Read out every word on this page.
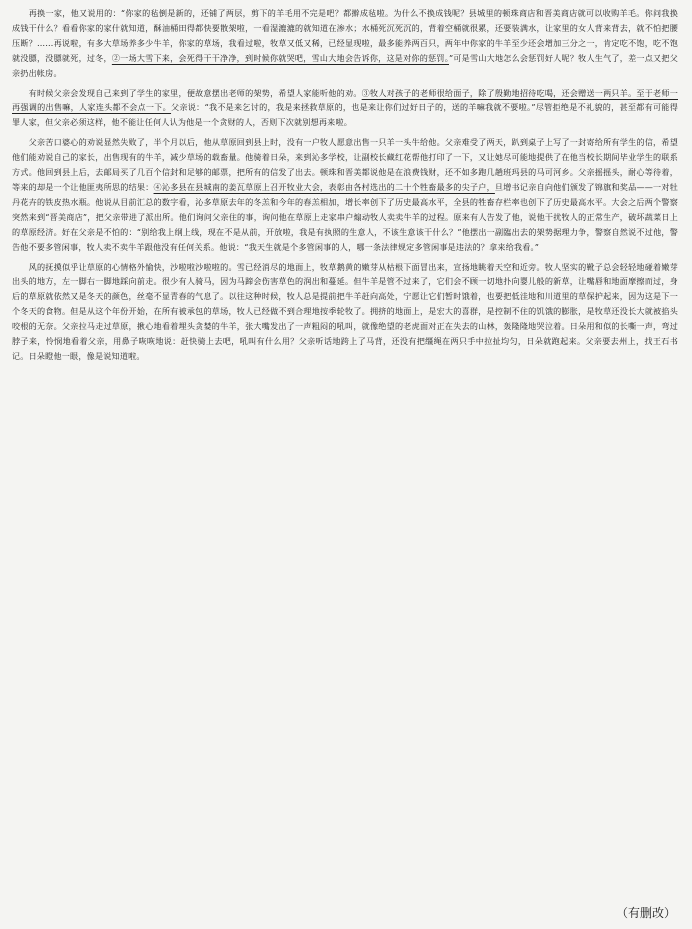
　　再换一家，他又说用的：“你家的毡倒是新的，还铺了两层，剪下的羊毛用不完是吧？都擀成毡啦。为什么不换成钱呢？县城里的顿珠商店和晋美商店就可以收购羊毛。你问我换成钱干什么？看看你家的家什就知道，酥油桶田得都快要散架啦，一看湿漉漉的就知道在渗水；水桶死沉死沉的，背着空桶就很累，还要装满水，让家里的女人背来背去，就不怕把腰压断？……再说啦，有多大草场养多少牛羊，你家的草场，我看过啦，牧草又低又稀，已经显现啦，最多能养两百只，两年中你家的牛羊至少还会增加三分之一，肯定吃不饱，吃不饱就没膘，没膘就死，过冬，②一场大雪下来，会死得干干净净，到时候你就哭吧，雪山大地会告诉你，这是对你的惩罚。”可是雪山大地怎么会惩罚好人呢？牧人生气了，差一点又把父亲扔出帐房。

　　有时候父亲会发现自己来到了学生的家里，便故意摆出老师的架势，希望人家能听他的劝。③牧人对孩子的老师很给面子，除了殷勤地招待吃喝，还会赠送一两只羊。至于老师一再强调的出售嘛，人家连头都不会点一下。父亲说：“我不是来乞讨的，我是来拯救草原的，也是来让你们过好日子的，送的羊嘛我就不要啦。”尽管拒绝是不礼貌的，甚至都有可能得罪人家，但父亲必须这样，他不能让任何人认为他是一个贪财的人，否则下次就别想再来啦。

　　父亲苦口婆心的劝说显然失败了，半个月以后，他从草原回到县上时，没有一户牧人愿意出售一只羊一头牛给他。父亲难受了两天，趴到桌子上写了一封寄给所有学生的信，希望他们能劝说自己的家长，出售现有的牛羊，减少草场的载畜量。他骑着日朵，来到沁多学校，让副校长藏红花帮他打印了一下，又让她尽可能地提供了在他当校长期间毕业学生的联系方式。他回到县上后，去邮局买了几百个信封和足够的邮票，把所有的信发了出去。顿珠和晋美都说他是在浪费钱财，还不如多跑几趟班玛县的马可河乡。父亲摇摇头，耐心等待着，等来的却是一个让他匪夷所思的结果：④沁多县在县城南的姜瓦草原上召开牧业大会，表彰由各村选出的二十个牲畜最多的尖子户，旦增书记亲自向他们颁发了锦旗和奖品——一对牡丹花卉的铁皮热水瓶。他说从目前汇总的数字看，沁多草原去年的冬羔和今年的春羔相加，增长率创下了历史最高水平，全县的牲畜存栏率也创下了历史最高水平。大会之后两个警察突然来到“晋美商店”，把父亲带进了派出所。他们询问父亲住的事，询问他在草原上走家串户煽动牧人卖卖牛羊的过程。原来有人告发了他，说他干扰牧人的正常生产，破坏蔬菜日上的草原经济。好在父亲是不怕的：“别给我上纲上线，现在不是从前，开放啦，我是有执照的生意人，不该生意该干什么？”他摆出一副臨出去的架势据理力争，警察自然说不过他，警告他不要多管闲事，牧人卖不卖牛羊跟他没有任何关系。他说：“我天生就是个多管闲事的人，哪一条法律规定多管闲事是违法的？拿来给我看。”

　　风的抚摸似乎让草原的心情格外愉快，沙啦啦沙啦啦的。雪已经消尽的地面上，牧草鹅黄的嫩芽从枯根下面冒出来，宣扬地眺着天空和近旁。牧人坚实的靴子总会轻轻地碰着嫩芽出头的地方，左一脚右一脚地踩向前走。很少有人骑马，因为马蹄会伤害草色的润出和蔓延。但牛羊是管不过来了，它们会不顾一切地扑向婴儿般的新草，让嘴唇和地面摩擦而过，身后的草原就依然又是冬天的颜色，丝毫不显青春的气息了。以往这种时候，牧人总是提前把牛羊赶向高处，宁愿让它们暂时饿着，也要把低洼地和川道里的草保护起来，因为这是下一个冬天的食物。但是从这个年份开始，在所有被承包的草场，牧人已经做不到合理地按季轮牧了。拥挤的地面上，是宏大的喜群，是控制不住的饥饿的膨胀，是牧草还没长大就被掐头咬根的无奈。父亲拉马走过草原，揪心地看着埋头贪婪的牛羊，张大嘴发出了一声粗闷的吼叫，就像绝望的老虎面对正在失去的山林，轰隆隆地哭泣着。日朵用和似的长嘶一声，弯过脖子来，怜悯地看着父亲，用鼻子咴咴地说：赶快骑上去吧，吼叫有什么用？父亲听话地跨上了马背，还没有把缰绳在两只手中拉扯均匀，日朵就跑起来。父亲要去州上，找王石书记。日朵瞪他一眼，像是说知道啦。

（有删改）
